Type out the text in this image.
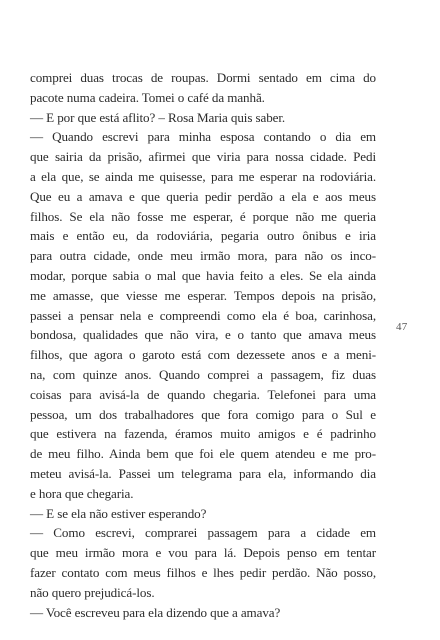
comprei duas trocas de roupas. Dormi sentado em cima do
pacote numa cadeira. Tomei o café da manhã.
— E por que está aflito? – Rosa Maria quis saber.
— Quando escrevi para minha esposa contando o dia em
que sairia da prisão, afirmei que viria para nossa cidade. Pedi
a ela que, se ainda me quisesse, para me esperar na rodoviária.
Que eu a amava e que queria pedir perdão a ela e aos meus
filhos. Se ela não fosse me esperar, é porque não me queria
mais e então eu, da rodoviária, pegaria outro ônibus e iria
para outra cidade, onde meu irmão mora, para não os inco-
modar, porque sabia o mal que havia feito a eles. Se ela ainda
me amasse, que viesse me esperar. Tempos depois na prisão,
passei a pensar nela e compreendi como ela é boa, carinhosa,
bondosa, qualidades que não vira, e o tanto que amava meus
filhos, que agora o garoto está com dezessete anos e a meni-
na, com quinze anos. Quando comprei a passagem, fiz duas
coisas para avisá-la de quando chegaria. Telefonei para uma
pessoa, um dos trabalhadores que fora comigo para o Sul e
que estivera na fazenda, éramos muito amigos e é padrinho
de meu filho. Ainda bem que foi ele quem atendeu e me pro-
meteu avisá-la. Passei um telegrama para ela, informando dia
e hora que chegaria.
— E se ela não estiver esperando?
— Como escrevi, comprarei passagem para a cidade em
que meu irmão mora e vou para lá. Depois penso em tentar
fazer contato com meus filhos e lhes pedir perdão. Não posso,
não quero prejudicá-los.
— Você escreveu para ela dizendo que a amava?
47
